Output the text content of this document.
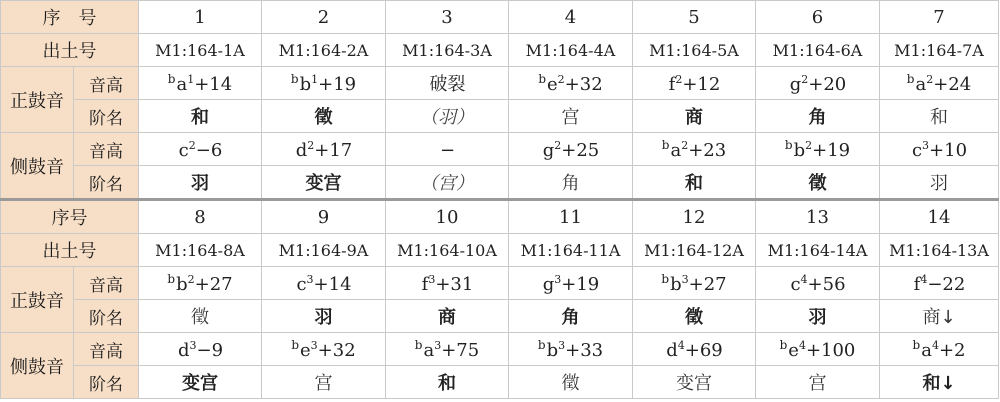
序　号		1	2	3	4	5	6	7
出土号		M1:164-1A	M1:164-2A	M1:164-3A	M1:164-4A	M1:164-5A	M1:164-6A	M1:164-7A
正鼓音	音高	$^ba^1+14$	$^bb^1+19$	破裂	$^be^2+32$	$f^2+12$	$g^2+20$	$^ba^2+24$
	阶名	和	徵	（羽）	宫	商	角	和
侧鼓音	音高	$c^2-6$	$d^2+17$	−	$g^2+25$	$^ba^2+23$	$^bb^2+19$	$c^3+10$
	阶名	羽	变宫	（宫）	角	和	徵	羽
序号		8	9	10	11	12	13	14
出土号		M1:164-8A	M1:164-9A	M1:164-10A	M1:164-11A	M1:164-12A	M1:164-14A	M1:164-13A
正鼓音	音高	$^bb^2+27$	$c^3+14$	$f^3+31$	$g^3+19$	$^bb^3+27$	$c^4+56$	$f^4-22$
	阶名	徵	羽	商	角	徵	羽	商↓
侧鼓音	音高	$d^3-9$	$^be^3+32$	$^ba^3+75$	$^bb^3+33$	$d^4+69$	$^be^4+100$	$^ba^4+2$
	阶名	变宫	宫	和	徵	变宫	宫	和↓
